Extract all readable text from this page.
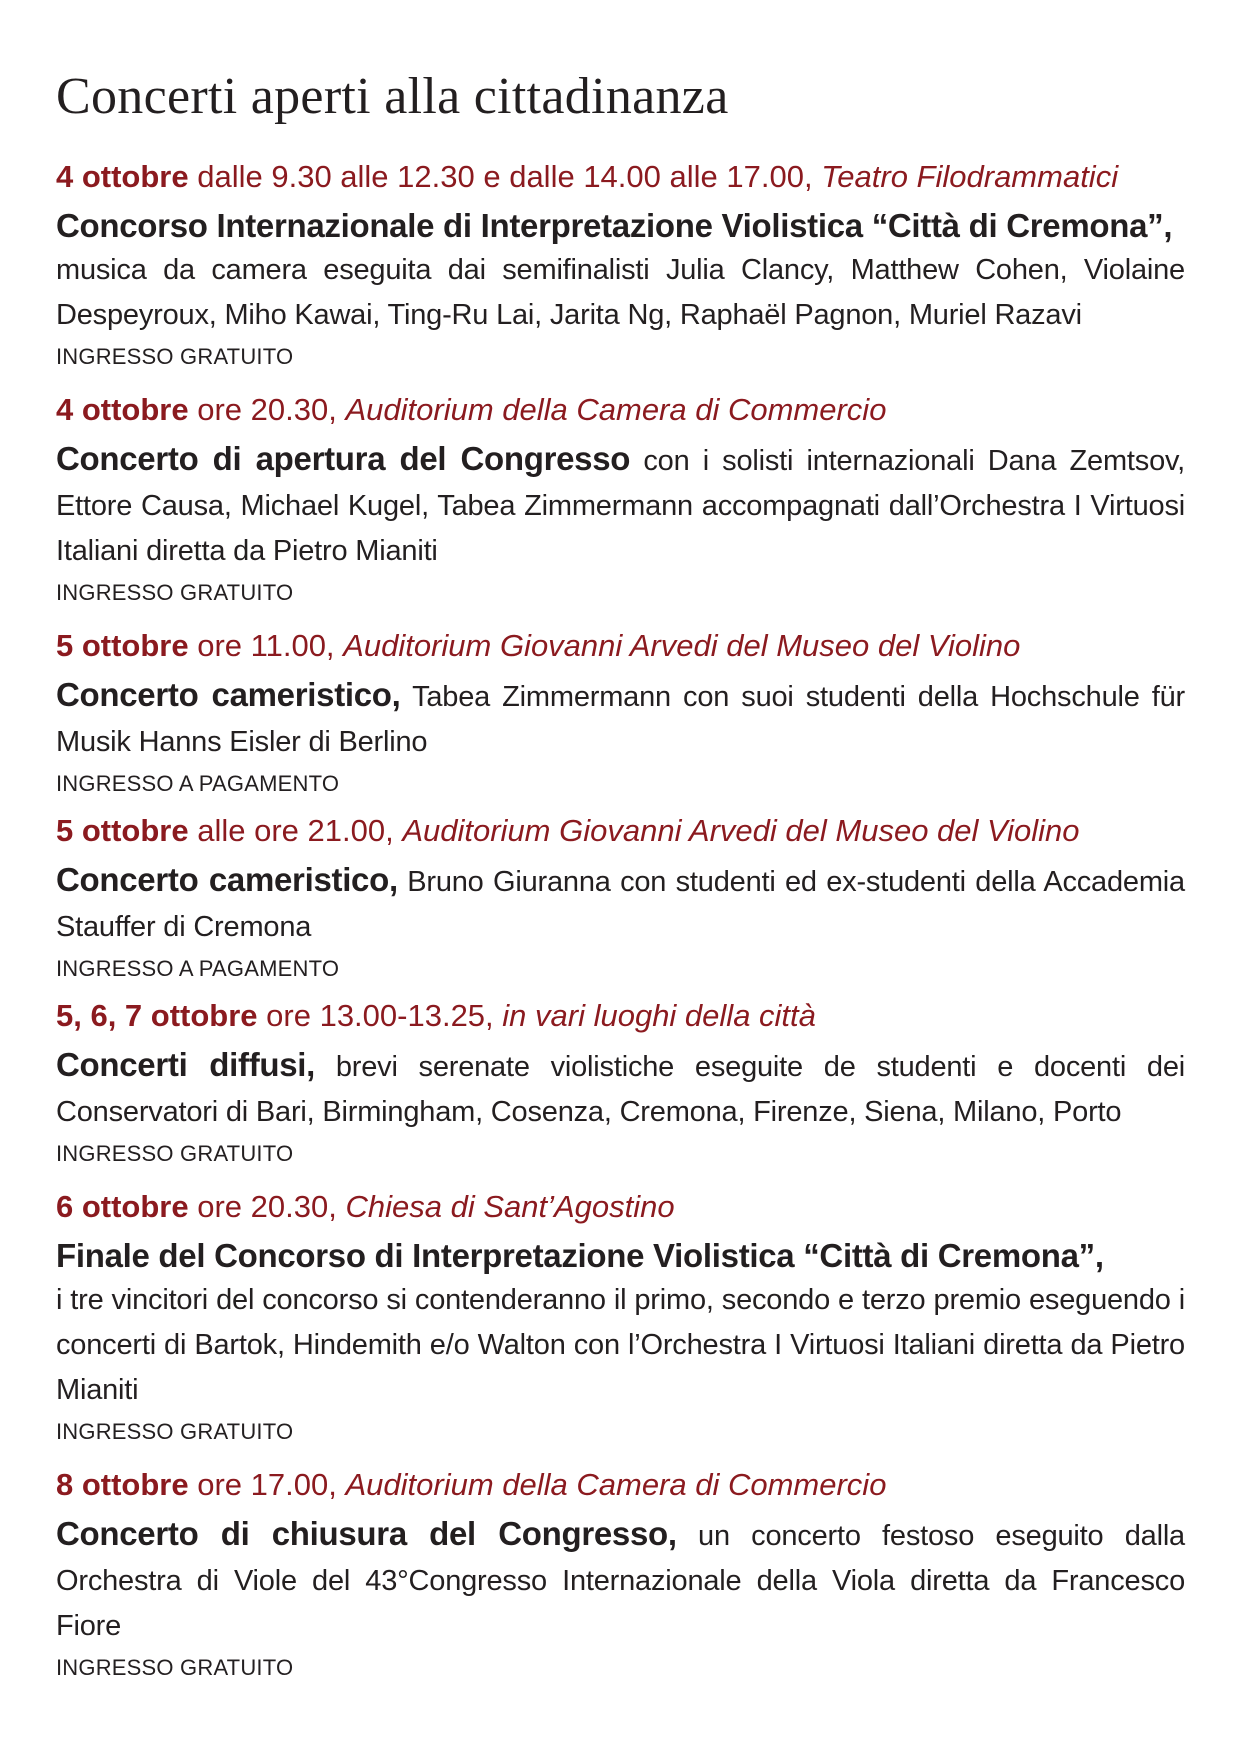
Concerti aperti alla cittadinanza
4 ottobre dalle 9.30 alle 12.30 e dalle 14.00 alle 17.00, Teatro Filodrammatici
Concorso Internazionale di Interpretazione Violistica “Città di Cremona”,
musica da camera eseguita dai semifinalisti Julia Clancy, Matthew Cohen, Violaine Despeyroux, Miho Kawai, Ting-Ru Lai, Jarita Ng, Raphaël Pagnon, Muriel Razavi
INGRESSO GRATUITO
4 ottobre ore 20.30, Auditorium della Camera di Commercio
Concerto di apertura del Congresso con i solisti internazionali Dana Zemtsov, Ettore Causa, Michael Kugel, Tabea Zimmermann accompagnati dall’Orchestra I Virtuosi Italiani diretta da Pietro Mianiti
INGRESSO GRATUITO
5 ottobre ore 11.00, Auditorium Giovanni Arvedi del Museo del Violino
Concerto cameristico, Tabea Zimmermann con suoi studenti della Hochschule für Musik Hanns Eisler di Berlino
INGRESSO A PAGAMENTO
5 ottobre alle ore 21.00, Auditorium Giovanni Arvedi del Museo del Violino
Concerto cameristico, Bruno Giuranna con studenti ed ex-studenti della Accademia Stauffer di Cremona
INGRESSO A PAGAMENTO
5, 6, 7 ottobre ore 13.00-13.25, in vari luoghi della città
Concerti diffusi, brevi serenate violistiche eseguite de studenti e docenti dei Conservatori di Bari, Birmingham, Cosenza, Cremona, Firenze, Siena, Milano, Porto
INGRESSO GRATUITO
6 ottobre ore 20.30, Chiesa di Sant’Agostino
Finale del Concorso di Interpretazione Violistica “Città di Cremona”,
i tre vincitori del concorso si contenderanno il primo, secondo e terzo premio eseguendo i concerti di Bartok, Hindemith e/o Walton con l’Orchestra I Virtuosi Italiani diretta da Pietro Mianiti
INGRESSO GRATUITO
8 ottobre ore 17.00, Auditorium della Camera di Commercio
Concerto di chiusura del Congresso, un concerto festoso eseguito dalla Orchestra di Viole del 43°Congresso Internazionale della Viola diretta da Francesco Fiore
INGRESSO GRATUITO
